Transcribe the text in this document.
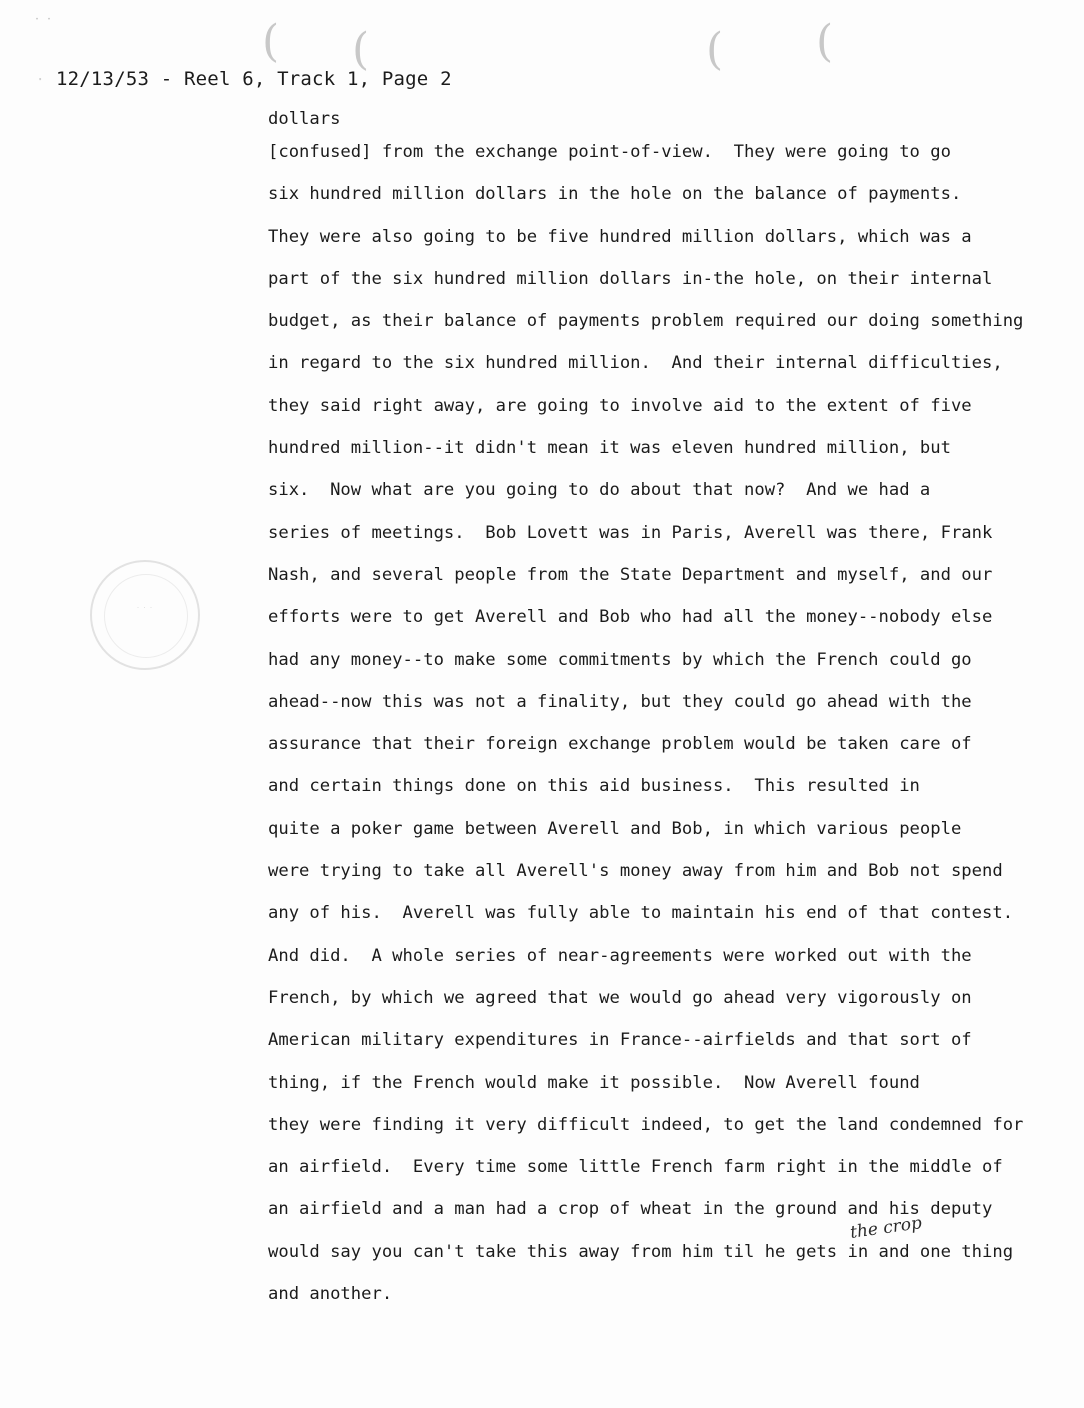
( (	( (
⋅ ⋅
⋅ 12/13/53 - Reel 6, Track 1, Page 2
· · ·
dollars
[confused] from the exchange point-of-view.  They were going to go
six hundred million dollars in the hole on the balance of payments.
They were also going to be five hundred million dollars, which was a
part of the six hundred million dollars in-the hole, on their internal
budget, as their balance of payments problem required our doing something
in regard to the six hundred million.  And their internal difficulties,
they said right away, are going to involve aid to the extent of five
hundred million--it didn't mean it was eleven hundred million, but
six.  Now what are you going to do about that now?  And we had a
series of meetings.  Bob Lovett was in Paris, Averell was there, Frank
Nash, and several people from the State Department and myself, and our
efforts were to get Averell and Bob who had all the money--nobody else
had any money--to make some commitments by which the French could go
ahead--now this was not a finality, but they could go ahead with the
assurance that their foreign exchange problem would be taken care of
and certain things done on this aid business.  This resulted in
quite a poker game between Averell and Bob, in which various people
were trying to take all Averell's money away from him and Bob not spend
any of his.  Averell was fully able to maintain his end of that contest.
And did.  A whole series of near-agreements were worked out with the
French, by which we agreed that we would go ahead very vigorously on
American military expenditures in France--airfields and that sort of
thing, if the French would make it possible.  Now Averell found
they were finding it very difficult indeed, to get the land condemned for
an airfield.  Every time some little French farm right in the middle of
an airfield and a man had a crop of wheat in the ground and his deputy
would say you can't take this away from him til he gets in and one thing
and another.
the crop
